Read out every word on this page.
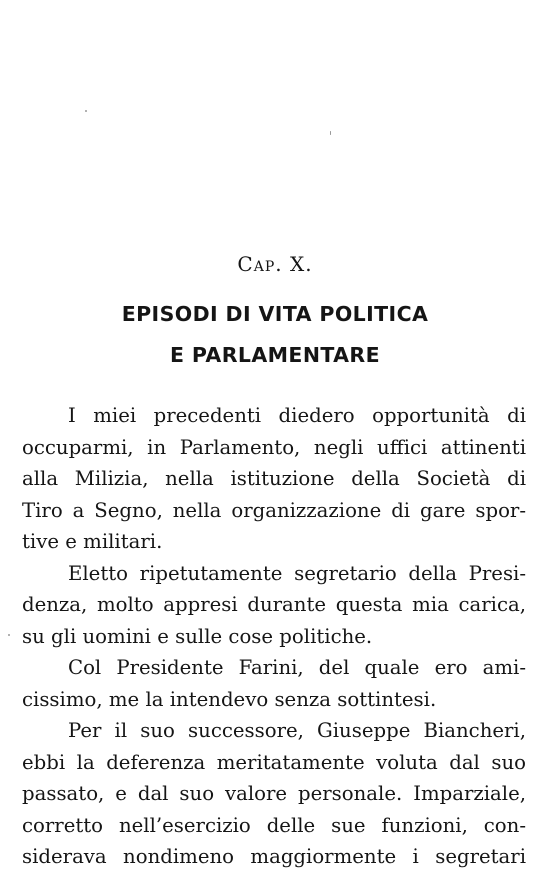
Cap. X.
EPISODI DI VITA POLITICA
E PARLAMENTARE
I miei precedenti diedero opportunità di
occuparmi, in Parlamento, negli uffici attinenti
alla Milizia, nella istituzione della Società di
Tiro a Segno, nella organizzazione di gare spor-
tive e militari.
Eletto ripetutamente segretario della Presi-
denza, molto appresi durante questa mia carica,
su gli uomini e sulle cose politiche.
Col Presidente Farini, del quale ero ami-
cissimo, me la intendevo senza sottintesi.
Per il suo successore, Giuseppe Biancheri,
ebbi la deferenza meritatamente voluta dal suo
passato, e dal suo valore personale. Imparziale,
corretto nell’esercizio delle sue funzioni, con-
siderava nondimeno maggiormente i segretari
